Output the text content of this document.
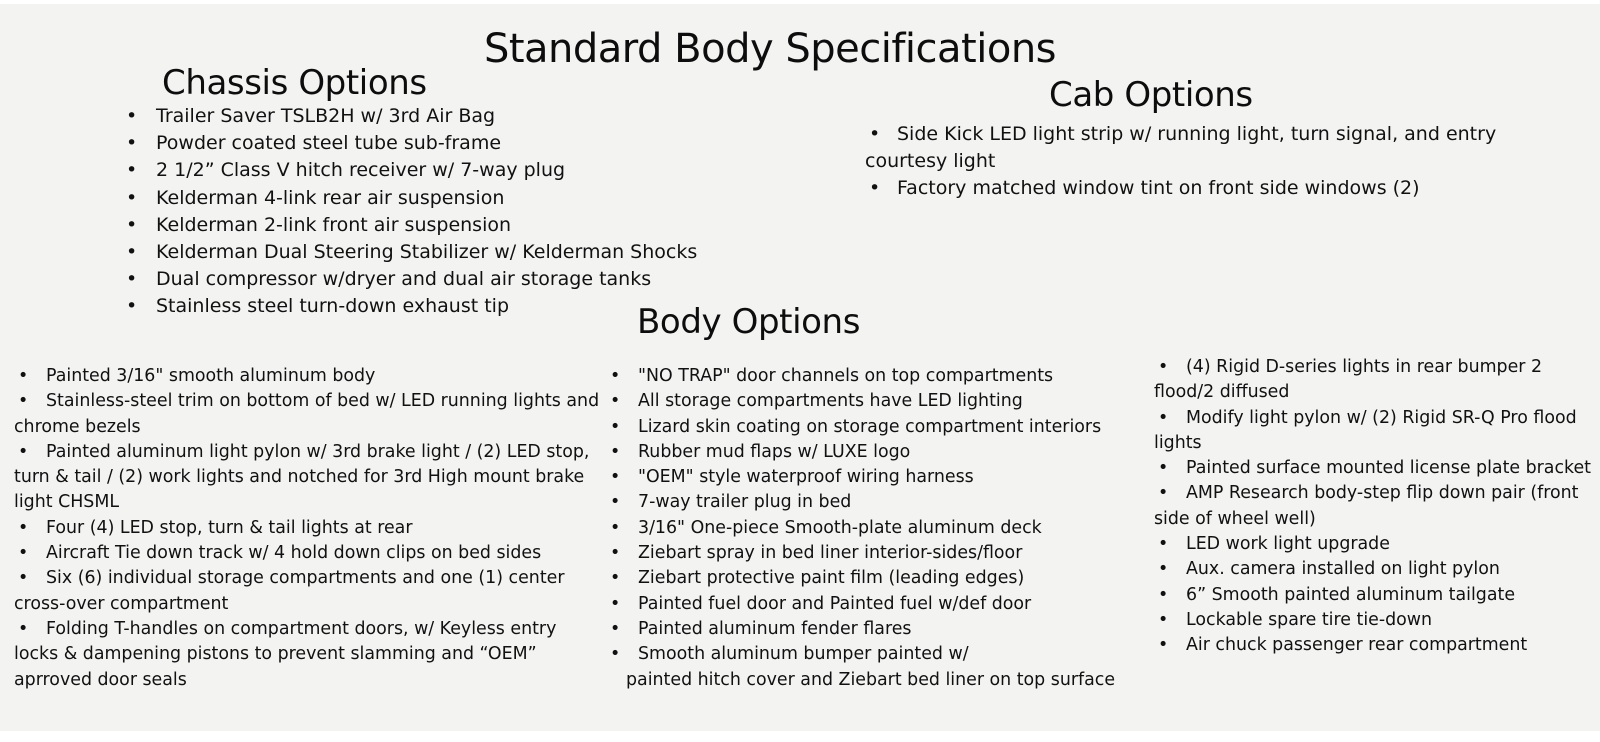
Standard Body Specifications
Chassis Options	Cab Options
Body Options
• Trailer Saver TSLB2H w/ 3rd Air Bag
• Powder coated steel tube sub-frame
• 2 1/2” Class V hitch receiver w/ 7-way plug
• Kelderman 4-link rear air suspension
• Kelderman 2-link front air suspension
• Kelderman Dual Steering Stabilizer w/ Kelderman Shocks
• Dual compressor w/dryer and dual air storage tanks
• Stainless steel turn-down exhaust tip
• Side Kick LED light strip w/ running light, turn signal, and entry courtesy light
• Factory matched window tint on front side windows (2)
• Painted 3/16" smooth aluminum body
• Stainless-steel trim on bottom of bed w/ LED running lights and chrome bezels
• Painted aluminum light pylon w/ 3rd brake light / (2) LED stop, turn & tail / (2) work lights and notched for 3rd High mount brake light CHSML
• Four (4) LED stop, turn & tail lights at rear
• Aircraft Tie down track w/ 4 hold down clips on bed sides
• Six (6) individual storage compartments and one (1) center cross-over compartment
• Folding T-handles on compartment doors, w/ Keyless entry locks & dampening pistons to prevent slamming and “OEM” aprroved door seals
• "NO TRAP" door channels on top compartments
• All storage compartments have LED lighting
• Lizard skin coating on storage compartment interiors
• Rubber mud flaps w/ LUXE logo
• "OEM" style waterproof wiring harness
• 7-way trailer plug in bed
• 3/16" One-piece Smooth-plate aluminum deck
• Ziebart spray in bed liner interior-sides/floor
• Ziebart protective paint film (leading edges)
• Painted fuel door and Painted fuel w/def door
• Painted aluminum fender flares
• Smooth aluminum bumper painted w/
painted hitch cover and Ziebart bed liner on top surface
• (4) Rigid D-series lights in rear bumper 2 flood/2 diffused
• Modify light pylon w/ (2) Rigid SR-Q Pro flood lights
• Painted surface mounted license plate bracket
• AMP Research body-step flip down pair (front side of wheel well)
• LED work light upgrade
• Aux. camera installed on light pylon
• 6” Smooth painted aluminum tailgate
• Lockable spare tire tie-down
• Air chuck passenger rear compartment
